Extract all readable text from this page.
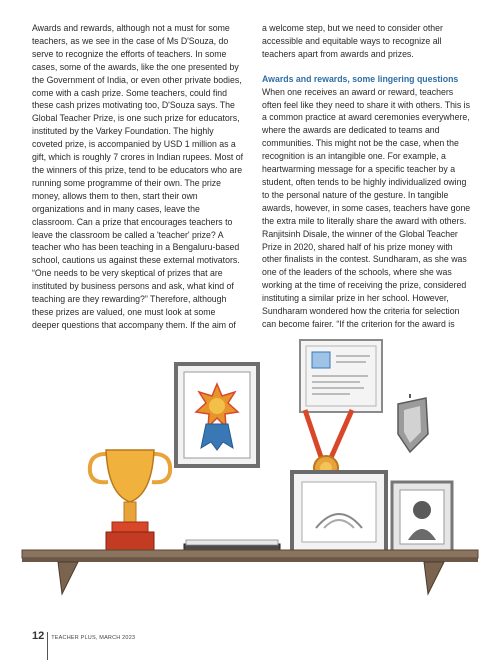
Awards and rewards, although not a must for some teachers, as we see in the case of Ms D'Souza, do serve to recognize the efforts of teachers. In some cases, some of the awards, like the one presented by the Government of India, or even other private bodies, come with a cash prize. Some teachers, could find these cash prizes motivating too, D'Souza says. The Global Teacher Prize, is one such prize for educators, instituted by the Varkey Foundation. The highly coveted prize, is accompanied by USD 1 million as a gift, which is roughly 7 crores in Indian rupees. Most of the winners of this prize, tend to be educators who are running some programme of their own. The prize money, allows them to then, start their own organizations and in many cases, leave the classroom. Can a prize that encourages teachers to leave the classroom be called a 'teacher' prize? A teacher who has been teaching in a Bengaluru-based school, cautions us against these external motivators. “One needs to be very skeptical of prizes that are instituted by business persons and ask, what kind of teaching are they rewarding?” Therefore, although these prizes are valued, one must look at some deeper questions that accompany them. If the aim of

a welcome step, but we need to consider other accessible and equitable ways to recognize all teachers apart from awards and prizes.

Awards and rewards, some lingering questions

When one receives an award or reward, teachers often feel like they need to share it with others. This is a common practice at award ceremonies everywhere, where the awards are dedicated to teams and communities. This might not be the case, when the recognition is an intangible one. For example, a heartwarming message for a specific teacher by a student, often tends to be highly individualized owing to the personal nature of the gesture. In tangible awards, however, in some cases, teachers have gone the extra mile to literally share the award with others. Ranjitsinh Disale, the winner of the Global Teacher Prize in 2020, shared half of his prize money with other finalists in the contest. Sundharam, as she was one of the leaders of the schools, where she was working at the time of receiving the prize, considered instituting a similar prize in her school. However, Sundharam wondered how the criteria for selection can become fairer. “If the criterion for the award is

12 TEACHER PLUS, MARCH 2023
